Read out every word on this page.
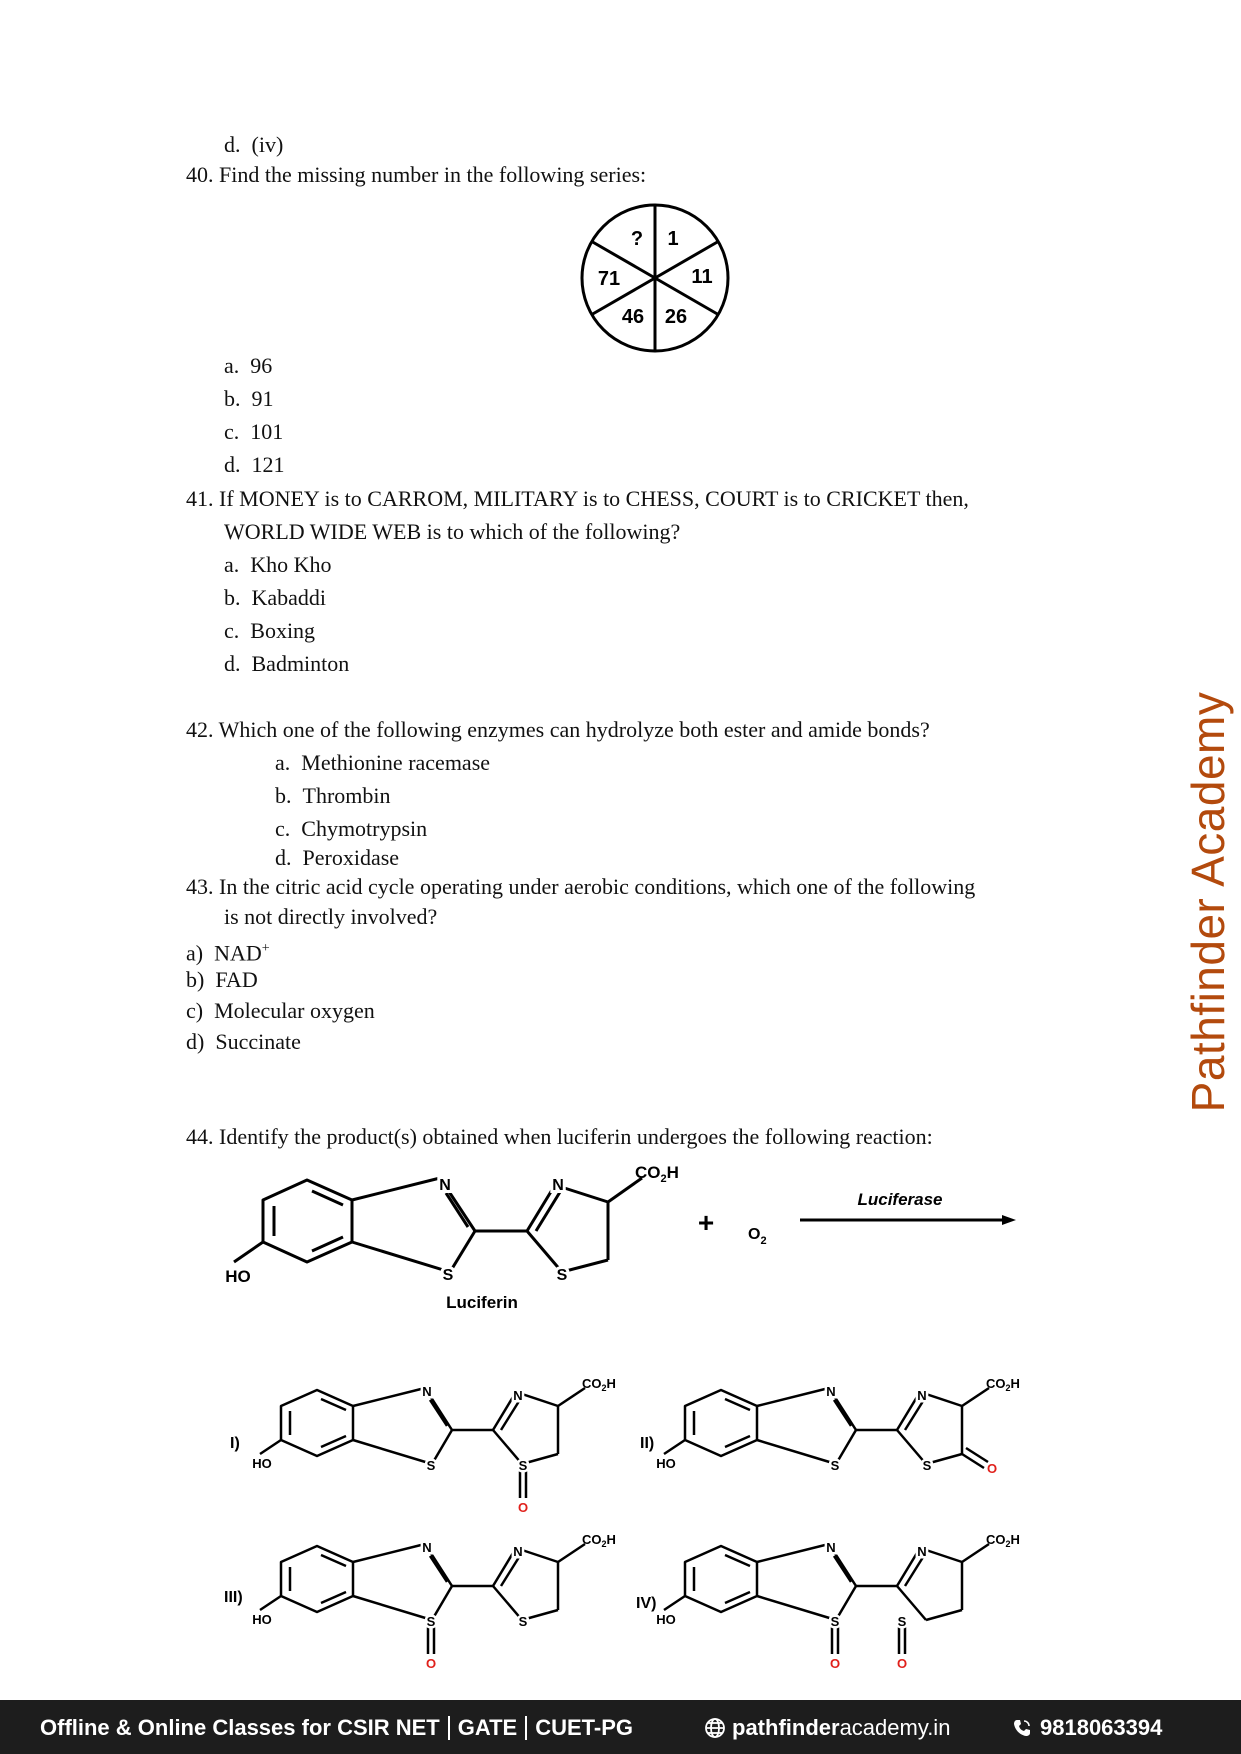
d. (iv)
40. Find the missing number in the following series:
? 1
11
26
46
71
a. 96
b. 91
c. 101
d. 121
41. If MONEY is to CARROM, MILITARY is to CHESS, COURT is to CRICKET then,
WORLD WIDE WEB is to which of the following?
a. Kho Kho
b. Kabaddi
c. Boxing
d. Badminton
42. Which one of the following enzymes can hydrolyze both ester and amide bonds?
a. Methionine racemase
b. Thrombin
c. Chymotrypsin
d. Peroxidase
43. In the citric acid cycle operating under aerobic conditions, which one of the following
is not directly involved?
a) NAD+
b) FAD
c) Molecular oxygen
d) Succinate
44. Identify the product(s) obtained when luciferin undergoes the following reaction:
N	N
S	S
HO
$CO_2H$
Luciferin
+ $O_2$
Luciferase
I)
N	N
S	S
HO
O
$CO_2H$
II)
N	N
S	S
HO	O
$CO_2H$
III)
N	N
S	S
HO
O
$CO_2H$
IV)
N	N
S	S
HO
O	O
$CO_2H$
Pathfinder Academy
Offline & Online Classes for CSIR NET GATE CUET-PG	pathfinderacademy.in	9818063394
